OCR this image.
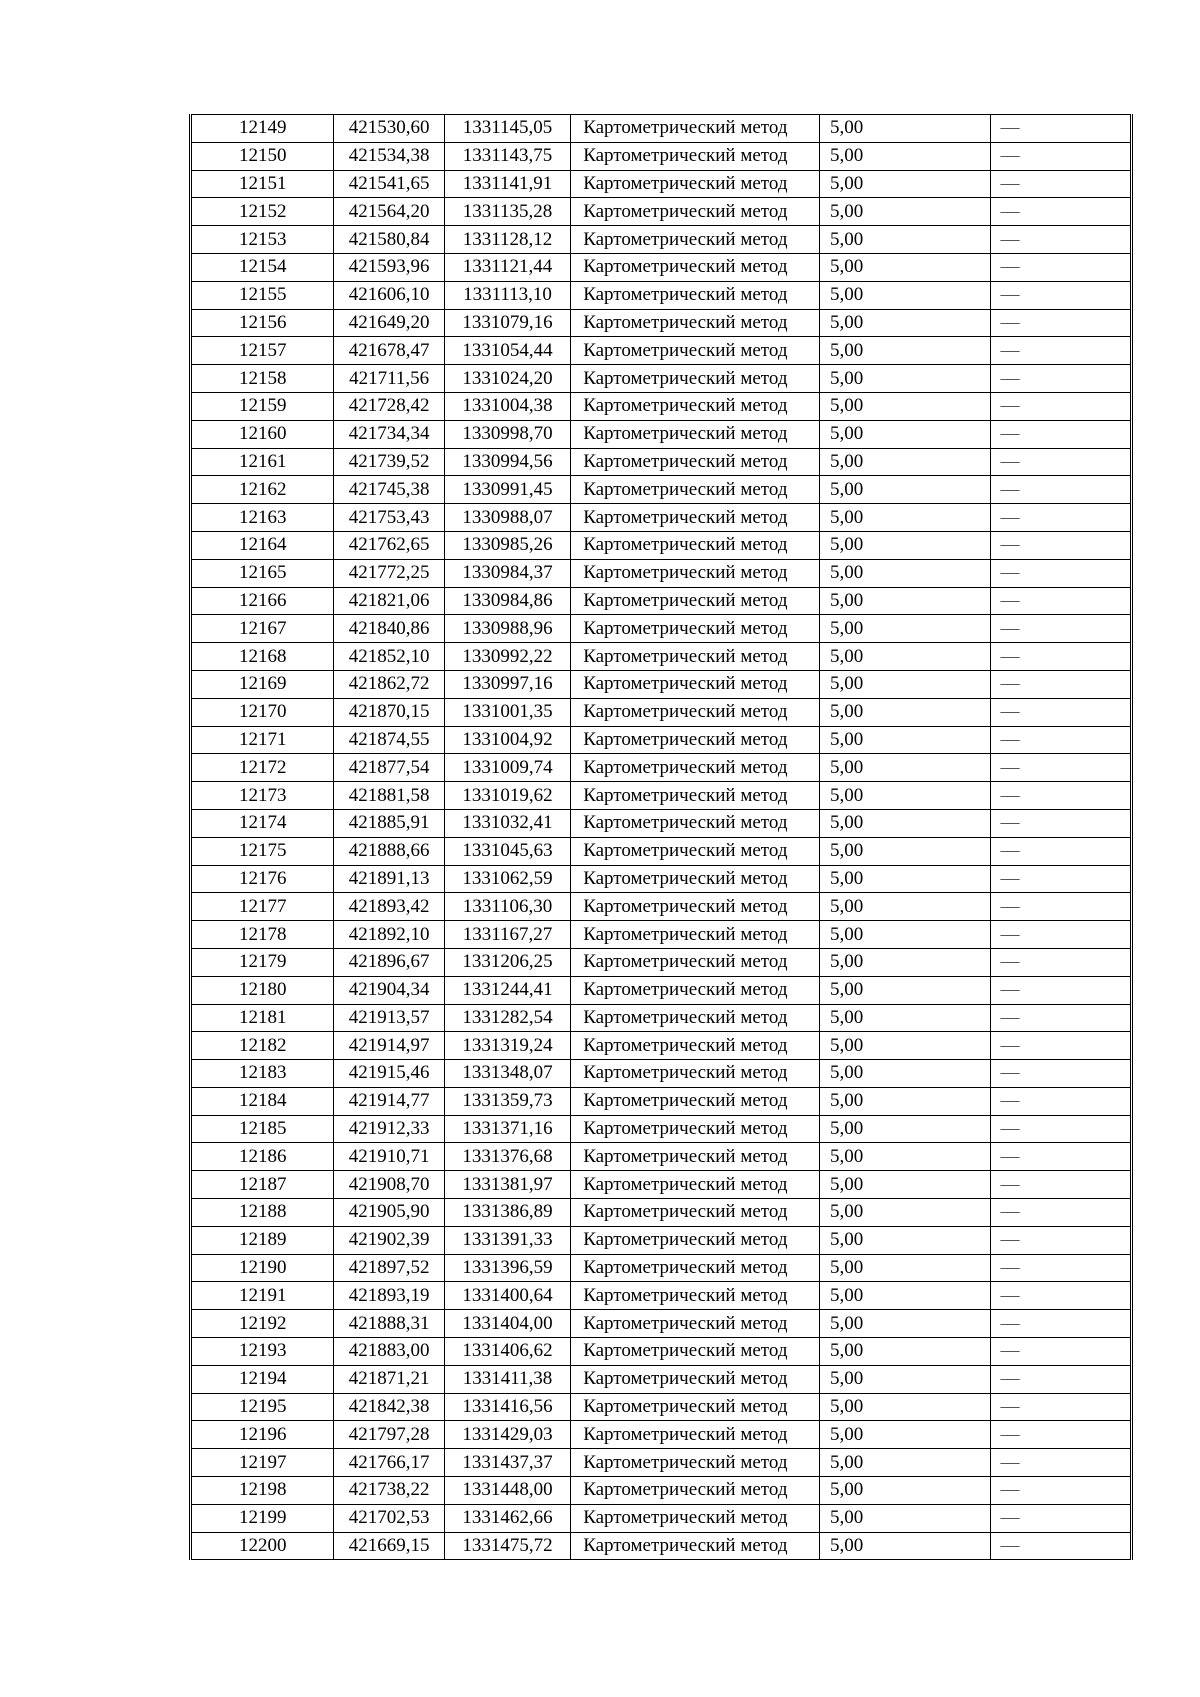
12149	421530,60	1331145,05	Картометрический метод	5,00	—
12150	421534,38	1331143,75	Картометрический метод	5,00	—
12151	421541,65	1331141,91	Картометрический метод	5,00	—
12152	421564,20	1331135,28	Картометрический метод	5,00	—
12153	421580,84	1331128,12	Картометрический метод	5,00	—
12154	421593,96	1331121,44	Картометрический метод	5,00	—
12155	421606,10	1331113,10	Картометрический метод	5,00	—
12156	421649,20	1331079,16	Картометрический метод	5,00	—
12157	421678,47	1331054,44	Картометрический метод	5,00	—
12158	421711,56	1331024,20	Картометрический метод	5,00	—
12159	421728,42	1331004,38	Картометрический метод	5,00	—
12160	421734,34	1330998,70	Картометрический метод	5,00	—
12161	421739,52	1330994,56	Картометрический метод	5,00	—
12162	421745,38	1330991,45	Картометрический метод	5,00	—
12163	421753,43	1330988,07	Картометрический метод	5,00	—
12164	421762,65	1330985,26	Картометрический метод	5,00	—
12165	421772,25	1330984,37	Картометрический метод	5,00	—
12166	421821,06	1330984,86	Картометрический метод	5,00	—
12167	421840,86	1330988,96	Картометрический метод	5,00	—
12168	421852,10	1330992,22	Картометрический метод	5,00	—
12169	421862,72	1330997,16	Картометрический метод	5,00	—
12170	421870,15	1331001,35	Картометрический метод	5,00	—
12171	421874,55	1331004,92	Картометрический метод	5,00	—
12172	421877,54	1331009,74	Картометрический метод	5,00	—
12173	421881,58	1331019,62	Картометрический метод	5,00	—
12174	421885,91	1331032,41	Картометрический метод	5,00	—
12175	421888,66	1331045,63	Картометрический метод	5,00	—
12176	421891,13	1331062,59	Картометрический метод	5,00	—
12177	421893,42	1331106,30	Картометрический метод	5,00	—
12178	421892,10	1331167,27	Картометрический метод	5,00	—
12179	421896,67	1331206,25	Картометрический метод	5,00	—
12180	421904,34	1331244,41	Картометрический метод	5,00	—
12181	421913,57	1331282,54	Картометрический метод	5,00	—
12182	421914,97	1331319,24	Картометрический метод	5,00	—
12183	421915,46	1331348,07	Картометрический метод	5,00	—
12184	421914,77	1331359,73	Картометрический метод	5,00	—
12185	421912,33	1331371,16	Картометрический метод	5,00	—
12186	421910,71	1331376,68	Картометрический метод	5,00	—
12187	421908,70	1331381,97	Картометрический метод	5,00	—
12188	421905,90	1331386,89	Картометрический метод	5,00	—
12189	421902,39	1331391,33	Картометрический метод	5,00	—
12190	421897,52	1331396,59	Картометрический метод	5,00	—
12191	421893,19	1331400,64	Картометрический метод	5,00	—
12192	421888,31	1331404,00	Картометрический метод	5,00	—
12193	421883,00	1331406,62	Картометрический метод	5,00	—
12194	421871,21	1331411,38	Картометрический метод	5,00	—
12195	421842,38	1331416,56	Картометрический метод	5,00	—
12196	421797,28	1331429,03	Картометрический метод	5,00	—
12197	421766,17	1331437,37	Картометрический метод	5,00	—
12198	421738,22	1331448,00	Картометрический метод	5,00	—
12199	421702,53	1331462,66	Картометрический метод	5,00	—
12200	421669,15	1331475,72	Картометрический метод	5,00	—
